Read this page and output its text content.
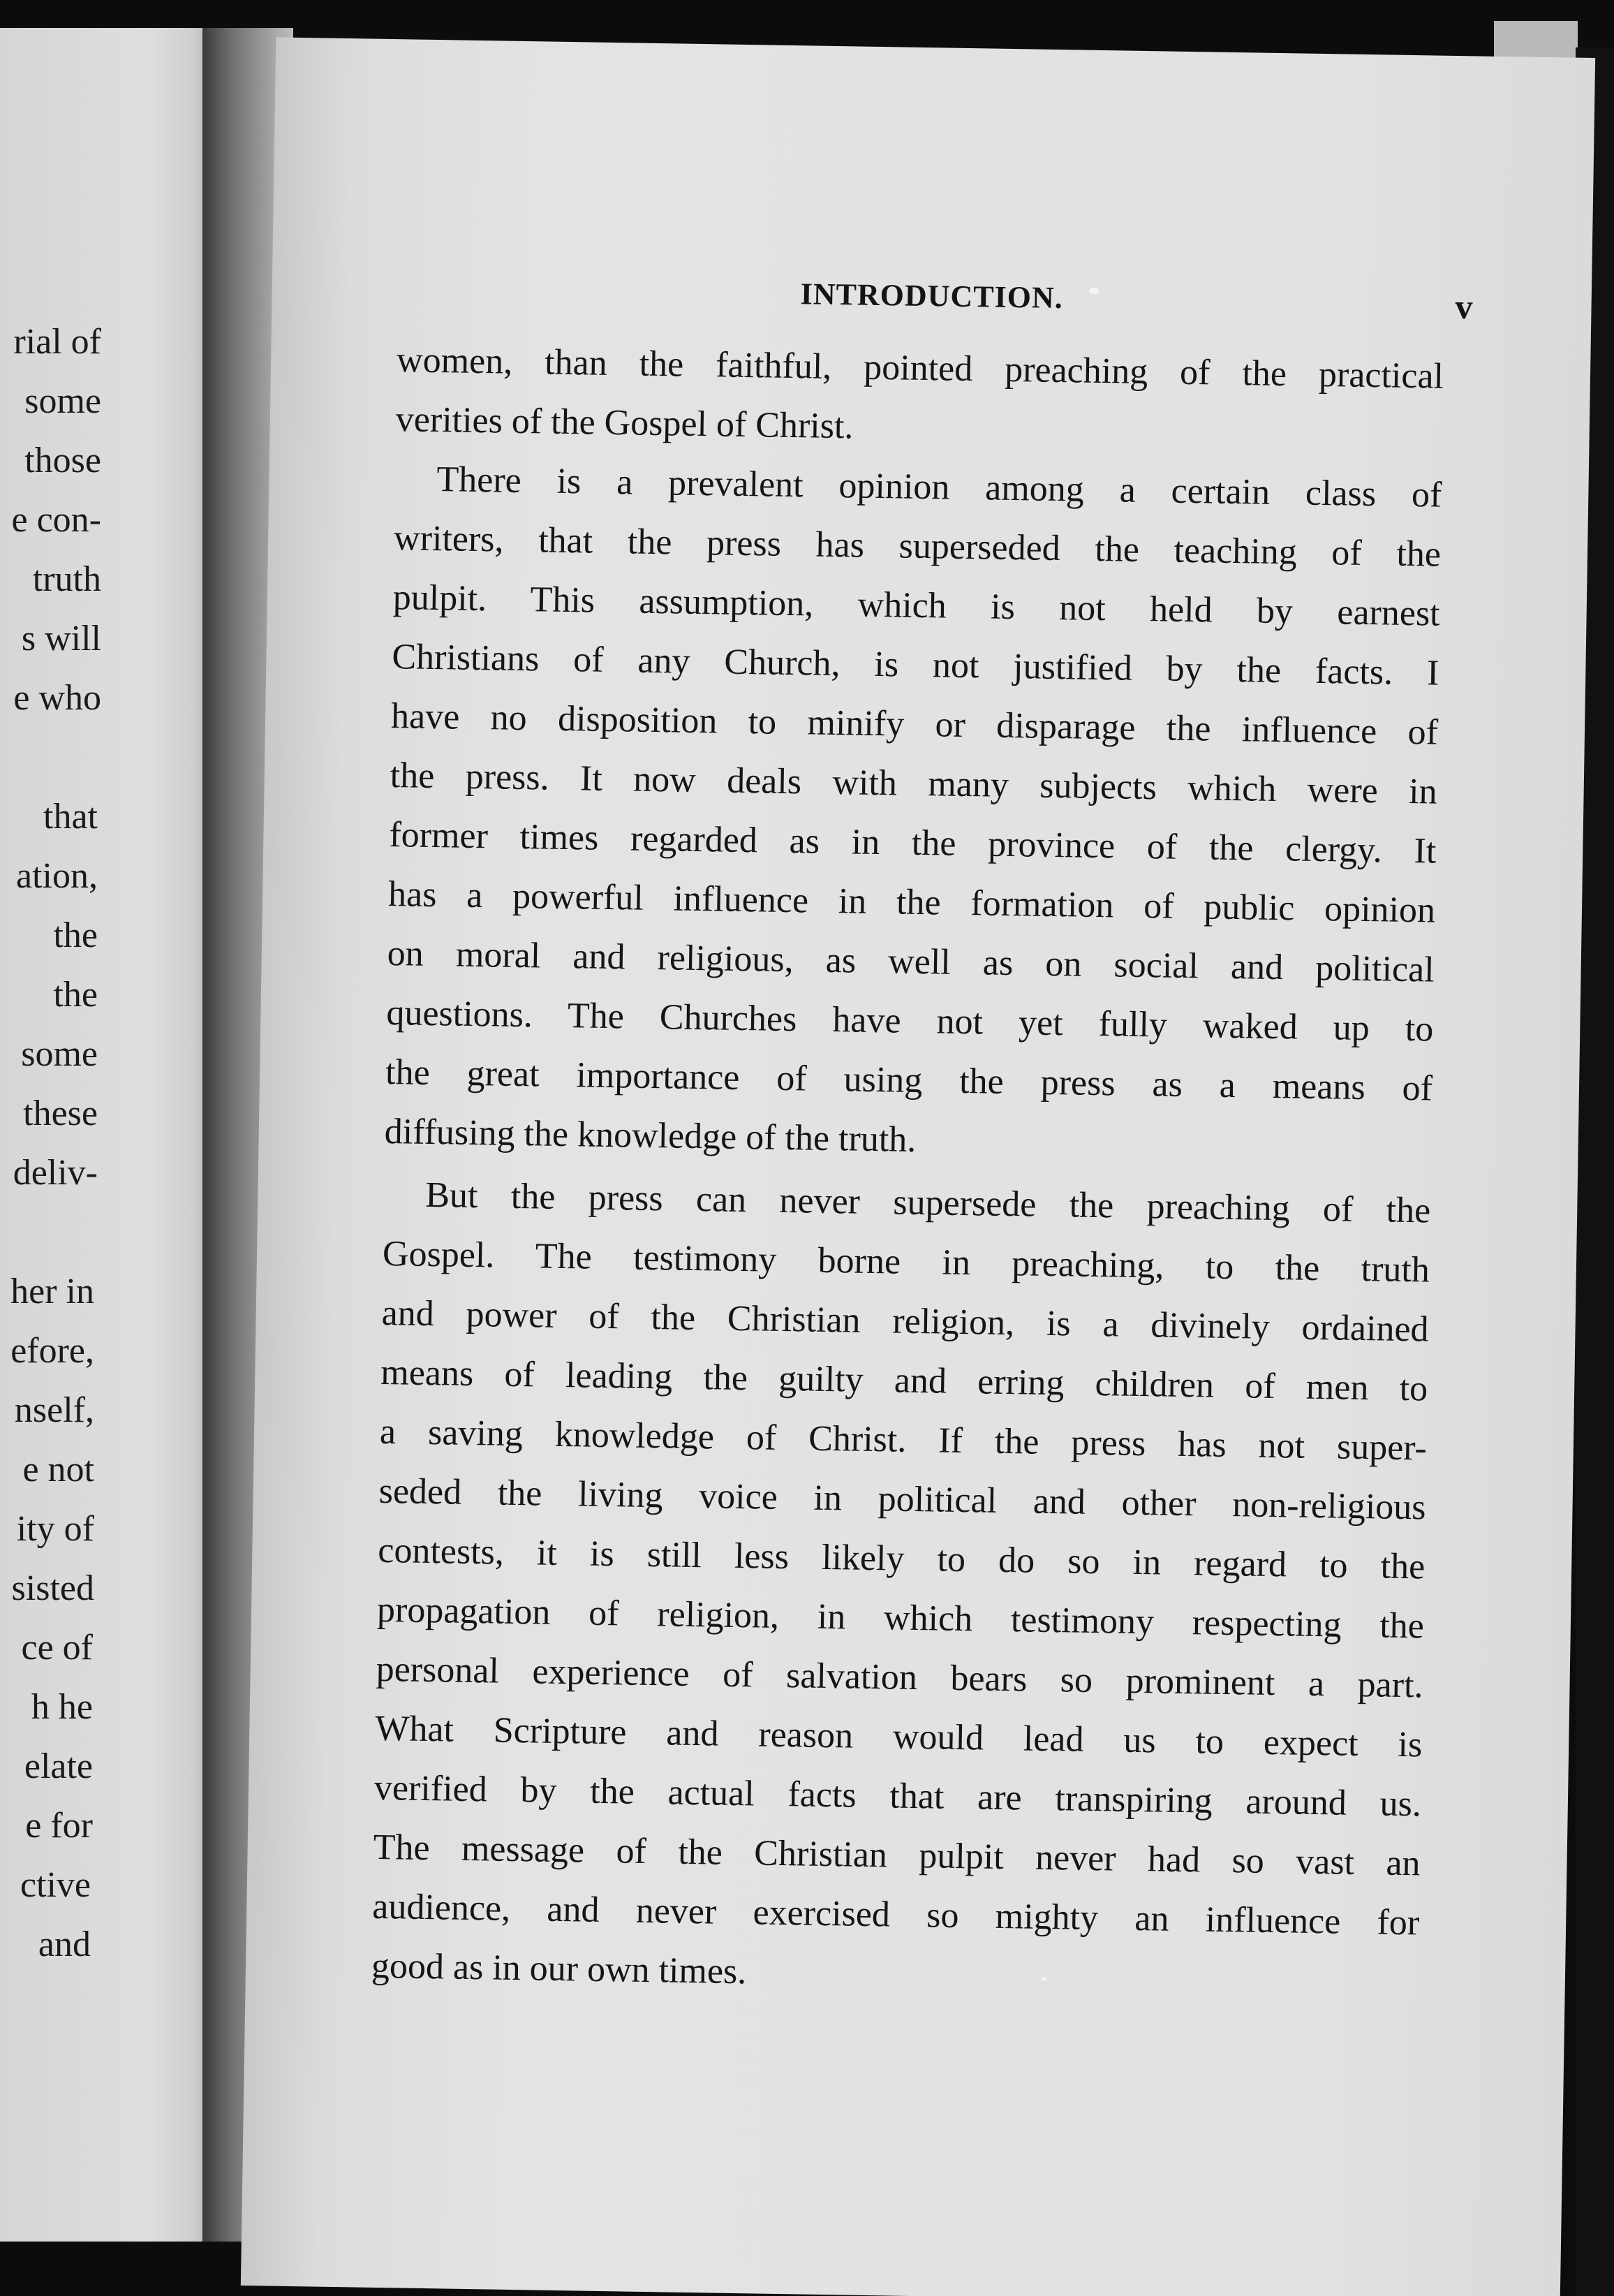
rial of
some
those
e con-
truth
s will
e who
that
ation,
the
the
some
these
deliv-
her in
efore,
nself,
e not
ity of
sisted
ce of
h he
elate
e for
ctive
and
INTRODUCTION.	v
women, than the faithful, pointed preaching of the practical
verities of the Gospel of Christ.
There is a prevalent opinion among a certain class of
writers, that the press has superseded the teaching of the
pulpit. This assumption, which is not held by earnest
Christians of any Church, is not justified by the facts. I
have no disposition to minify or disparage the influence of
the press. It now deals with many subjects which were in
former times regarded as in the province of the clergy. It
has a powerful influence in the formation of public opinion
on moral and religious, as well as on social and political
questions. The Churches have not yet fully waked up to
the great importance of using the press as a means of
diffusing the knowledge of the truth.
But the press can never supersede the preaching of the
Gospel. The testimony borne in preaching, to the truth
and power of the Christian religion, is a divinely ordained
means of leading the guilty and erring children of men to
a saving knowledge of Christ. If the press has not super-
seded the living voice in political and other non-religious
contests, it is still less likely to do so in regard to the
propagation of religion, in which testimony respecting the
personal experience of salvation bears so prominent a part.
What Scripture and reason would lead us to expect is
verified by the actual facts that are transpiring around us.
The message of the Christian pulpit never had so vast an
audience, and never exercised so mighty an influence for
good as in our own times.
